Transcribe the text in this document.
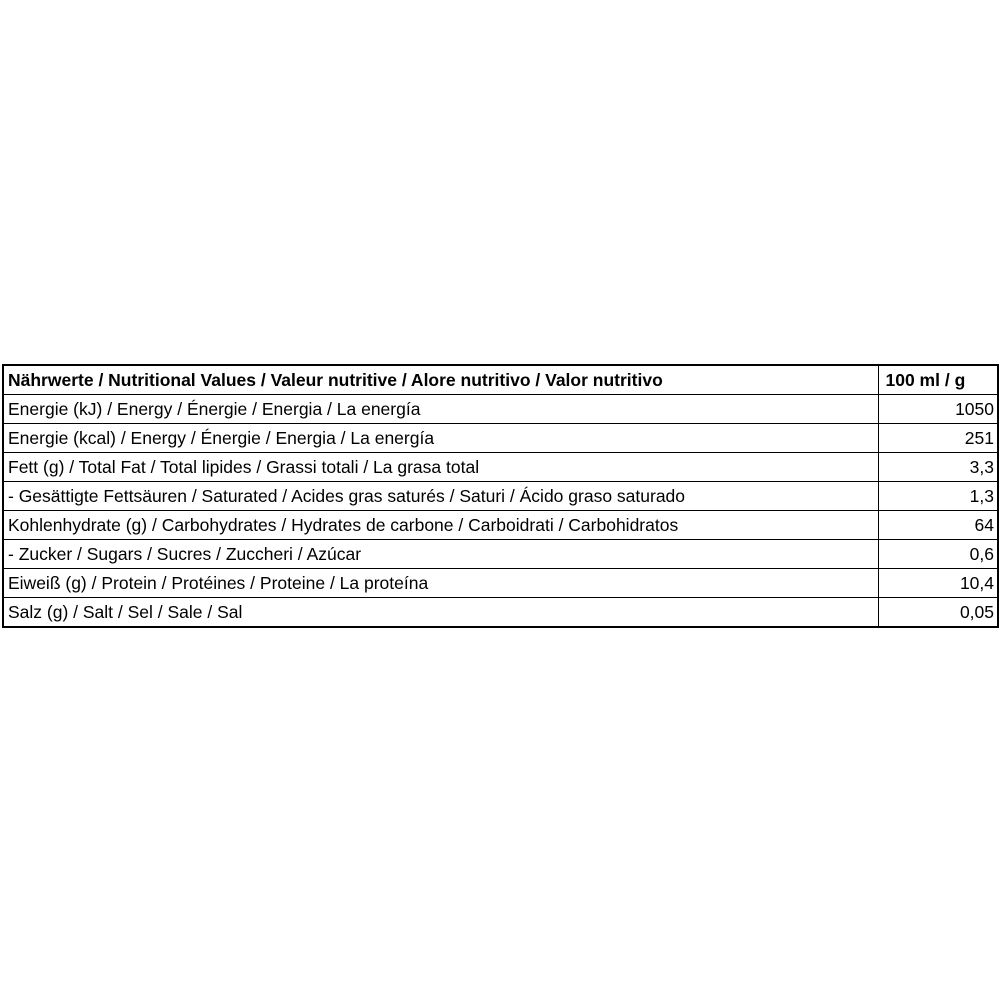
Nährwerte / Nutritional Values / Valeur nutritive / Alore nutritivo / Valor nutritivo	100 ml / g
Energie (kJ) / Energy / Énergie / Energia / La energía	1050
Energie (kcal) / Energy / Énergie / Energia / La energía	251
Fett (g) / Total Fat / Total lipides / Grassi totali / La grasa total	3,3
- Gesättigte Fettsäuren / Saturated / Acides gras saturés / Saturi / Ácido graso saturado	1,3
Kohlenhydrate (g) / Carbohydrates / Hydrates de carbone / Carboidrati / Carbohidratos	64
- Zucker / Sugars / Sucres / Zuccheri / Azúcar	0,6
Eiweiß (g) / Protein / Protéines / Proteine / La proteína	10,4
Salz (g) / Salt / Sel / Sale / Sal	0,05
